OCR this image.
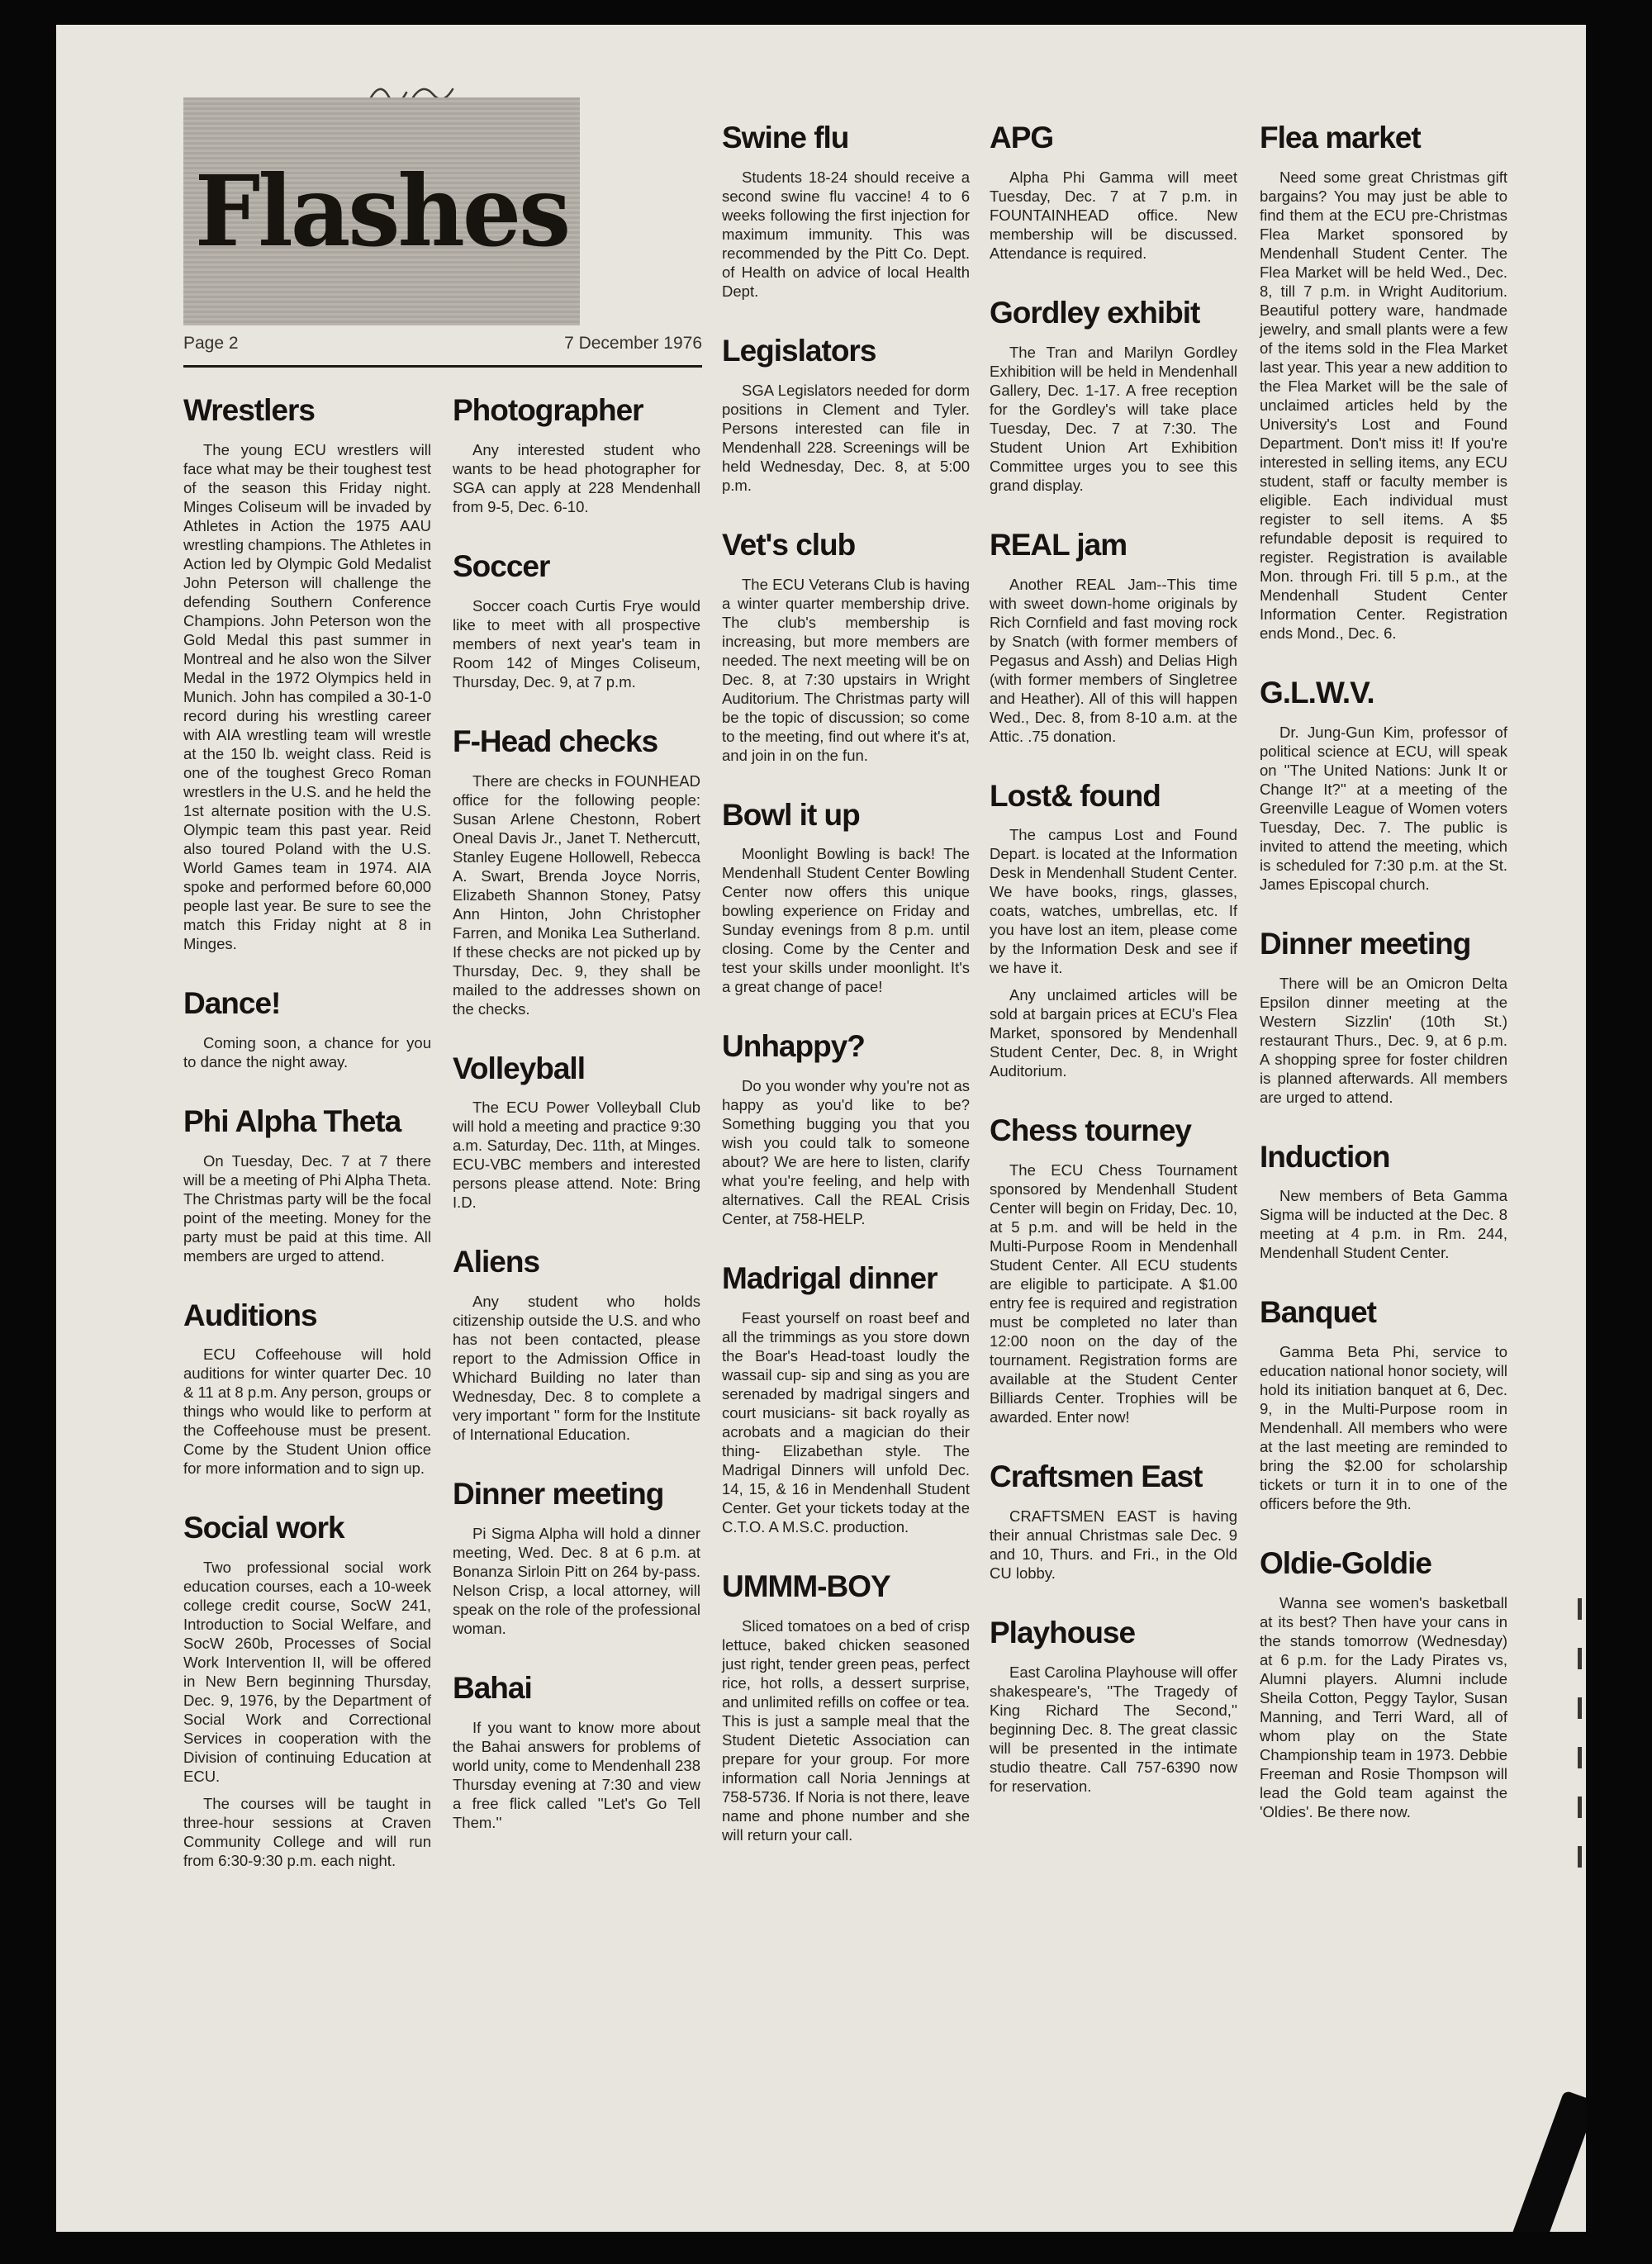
Flashes
Page 2	7 December 1976
Wrestlers

The young ECU wrestlers will face what may be their toughest test of the season this Friday night. Minges Coliseum will be invaded by Athletes in Action the 1975 AAU wrestling champions. The Athletes in Action led by Olympic Gold Medalist John Peterson will challenge the defending Southern Conference Champions. John Peterson won the Gold Medal this past summer in Montreal and he also won the Silver Medal in the 1972 Olympics held in Munich. John has compiled a 30-1-0 record during his wrestling career with AIA wrestling team will wrestle at the 150 lb. weight class. Reid is one of the toughest Greco Roman wrestlers in the U.S. and he held the 1st alternate position with the U.S. Olympic team this past year. Reid also toured Poland with the U.S. World Games team in 1974. AIA spoke and performed before 60,000 people last year. Be sure to see the match this Friday night at 8 in Minges.

Dance!

Coming soon, a chance for you to dance the night away.

Phi Alpha Theta

On Tuesday, Dec. 7 at 7 there will be a meeting of Phi Alpha Theta. The Christmas party will be the focal point of the meeting. Money for the party must be paid at this time. All members are urged to attend.

Auditions

ECU Coffeehouse will hold auditions for winter quarter Dec. 10 & 11 at 8 p.m. Any person, groups or things who would like to perform at the Coffeehouse must be present. Come by the Student Union office for more information and to sign up.

Social work

Two professional social work education courses, each a 10-week college credit course, SocW 241, Introduction to Social Welfare, and SocW 260b, Processes of Social Work Intervention II, will be offered in New Bern beginning Thursday, Dec. 9, 1976, by the Department of Social Work and Correctional Services in cooperation with the Division of continuing Education at ECU.

The courses will be taught in three-hour sessions at Craven Community College and will run from 6:30-9:30 p.m. each night.

Photographer

Any interested student who wants to be head photographer for SGA can apply at 228 Mendenhall from 9-5, Dec. 6-10.

Soccer

Soccer coach Curtis Frye would like to meet with all prospective members of next year's team in Room 142 of Minges Coliseum, Thursday, Dec. 9, at 7 p.m.

F-Head checks

There are checks in FOUNHEAD office for the following people: Susan Arlene Chestonn, Robert Oneal Davis Jr., Janet T. Nethercutt, Stanley Eugene Hollowell, Rebecca A. Swart, Brenda Joyce Norris, Elizabeth Shannon Stoney, Patsy Ann Hinton, John Christopher Farren, and Monika Lea Sutherland. If these checks are not picked up by Thursday, Dec. 9, they shall be mailed to the addresses shown on the checks.

Volleyball

The ECU Power Volleyball Club will hold a meeting and practice 9:30 a.m. Saturday, Dec. 11th, at Minges. ECU-VBC members and interested persons please attend. Note: Bring I.D.

Aliens

Any student who holds citizenship outside the U.S. and who has not been contacted, please report to the Admission Office in Whichard Building no later than Wednesday, Dec. 8 to complete a very important '' form for the Institute of International Education.

Dinner meeting

Pi Sigma Alpha will hold a dinner meeting, Wed. Dec. 8 at 6 p.m. at Bonanza Sirloin Pitt on 264 by-pass. Nelson Crisp, a local attorney, will speak on the role of the professional woman.

Bahai

If you want to know more about the Bahai answers for problems of world unity, come to Mendenhall 238 Thursday evening at 7:30 and view a free flick called ''Let's Go Tell Them.''

Swine flu

Students 18-24 should receive a second swine flu vaccine! 4 to 6 weeks following the first injection for maximum immunity. This was recommended by the Pitt Co. Dept. of Health on advice of local Health Dept.

Legislators

SGA Legislators needed for dorm positions in Clement and Tyler. Persons interested can file in Mendenhall 228. Screenings will be held Wednesday, Dec. 8, at 5:00 p.m.

Vet's club

The ECU Veterans Club is having a winter quarter membership drive. The club's membership is increasing, but more members are needed. The next meeting will be on Dec. 8, at 7:30 upstairs in Wright Auditorium. The Christmas party will be the topic of discussion; so come to the meeting, find out where it's at, and join in on the fun.

Bowl it up

Moonlight Bowling is back! The Mendenhall Student Center Bowling Center now offers this unique bowling experience on Friday and Sunday evenings from 8 p.m. until closing. Come by the Center and test your skills under moonlight. It's a great change of pace!

Unhappy?

Do you wonder why you're not as happy as you'd like to be? Something bugging you that you wish you could talk to someone about? We are here to listen, clarify what you're feeling, and help with alternatives. Call the REAL Crisis Center, at 758-HELP.

Madrigal dinner

Feast yourself on roast beef and all the trimmings as you store down the Boar's Head-toast loudly the wassail cup- sip and sing as you are serenaded by madrigal singers and court musicians- sit back royally as acrobats and a magician do their thing- Elizabethan style. The Madrigal Dinners will unfold Dec. 14, 15, & 16 in Mendenhall Student Center. Get your tickets today at the C.T.O. A M.S.C. production.

UMMM-BOY

Sliced tomatoes on a bed of crisp lettuce, baked chicken seasoned just right, tender green peas, perfect rice, hot rolls, a dessert surprise, and unlimited refills on coffee or tea. This is just a sample meal that the Student Dietetic Association can prepare for your group. For more information call Noria Jennings at 758-5736. If Noria is not there, leave name and phone number and she will return your call.

APG

Alpha Phi Gamma will meet Tuesday, Dec. 7 at 7 p.m. in FOUNTAINHEAD office. New membership will be discussed. Attendance is required.

Gordley exhibit

The Tran and Marilyn Gordley Exhibition will be held in Mendenhall Gallery, Dec. 1-17. A free reception for the Gordley's will take place Tuesday, Dec. 7 at 7:30. The Student Union Art Exhibition Committee urges you to see this grand display.

REAL jam

Another REAL Jam--This time with sweet down-home originals by Rich Cornfield and fast moving rock by Snatch (with former members of Pegasus and Assh) and Delias High (with former members of Singletree and Heather). All of this will happen Wed., Dec. 8, from 8-10 a.m. at the Attic. .75 donation.

Lost& found

The campus Lost and Found Depart. is located at the Information Desk in Mendenhall Student Center. We have books, rings, glasses, coats, watches, umbrellas, etc. If you have lost an item, please come by the Information Desk and see if we have it.

Any unclaimed articles will be sold at bargain prices at ECU's Flea Market, sponsored by Mendenhall Student Center, Dec. 8, in Wright Auditorium.

Chess tourney

The ECU Chess Tournament sponsored by Mendenhall Student Center will begin on Friday, Dec. 10, at 5 p.m. and will be held in the Multi-Purpose Room in Mendenhall Student Center. All ECU students are eligible to participate. A $1.00 entry fee is required and registration must be completed no later than 12:00 noon on the day of the tournament. Registration forms are available at the Student Center Billiards Center. Trophies will be awarded. Enter now!

Craftsmen East

CRAFTSMEN EAST is having their annual Christmas sale Dec. 9 and 10, Thurs. and Fri., in the Old CU lobby.

Playhouse

East Carolina Playhouse will offer shakespeare's, ''The Tragedy of King Richard The Second,'' beginning Dec. 8. The great classic will be presented in the intimate studio theatre. Call 757-6390 now for reservation.

Flea market

Need some great Christmas gift bargains? You may just be able to find them at the ECU pre-Christmas Flea Market sponsored by Mendenhall Student Center. The Flea Market will be held Wed., Dec. 8, till 7 p.m. in Wright Auditorium. Beautiful pottery ware, handmade jewelry, and small plants were a few of the items sold in the Flea Market last year. This year a new addition to the Flea Market will be the sale of unclaimed articles held by the University's Lost and Found Department. Don't miss it! If you're interested in selling items, any ECU student, staff or faculty member is eligible. Each individual must register to sell items. A $5 refundable deposit is required to register. Registration is available Mon. through Fri. till 5 p.m., at the Mendenhall Student Center Information Center. Registration ends Mond., Dec. 6.

G.L.W.V.

Dr. Jung-Gun Kim, professor of political science at ECU, will speak on ''The United Nations: Junk It or Change It?'' at a meeting of the Greenville League of Women voters Tuesday, Dec. 7. The public is invited to attend the meeting, which is scheduled for 7:30 p.m. at the St. James Episcopal church.

Dinner meeting

There will be an Omicron Delta Epsilon dinner meeting at the Western Sizzlin' (10th St.) restaurant Thurs., Dec. 9, at 6 p.m. A shopping spree for foster children is planned afterwards. All members are urged to attend.

Induction

New members of Beta Gamma Sigma will be inducted at the Dec. 8 meeting at 4 p.m. in Rm. 244, Mendenhall Student Center.

Banquet

Gamma Beta Phi, service to education national honor society, will hold its initiation banquet at 6, Dec. 9, in the Multi-Purpose room in Mendenhall. All members who were at the last meeting are reminded to bring the $2.00 for scholarship tickets or turn it in to one of the officers before the 9th.

Oldie-Goldie

Wanna see women's basketball at its best? Then have your cans in the stands tomorrow (Wednesday) at 6 p.m. for the Lady Pirates vs, Alumni players. Alumni include Sheila Cotton, Peggy Taylor, Susan Manning, and Terri Ward, all of whom play on the State Championship team in 1973. Debbie Freeman and Rosie Thompson will lead the Gold team against the 'Oldies'. Be there now.
